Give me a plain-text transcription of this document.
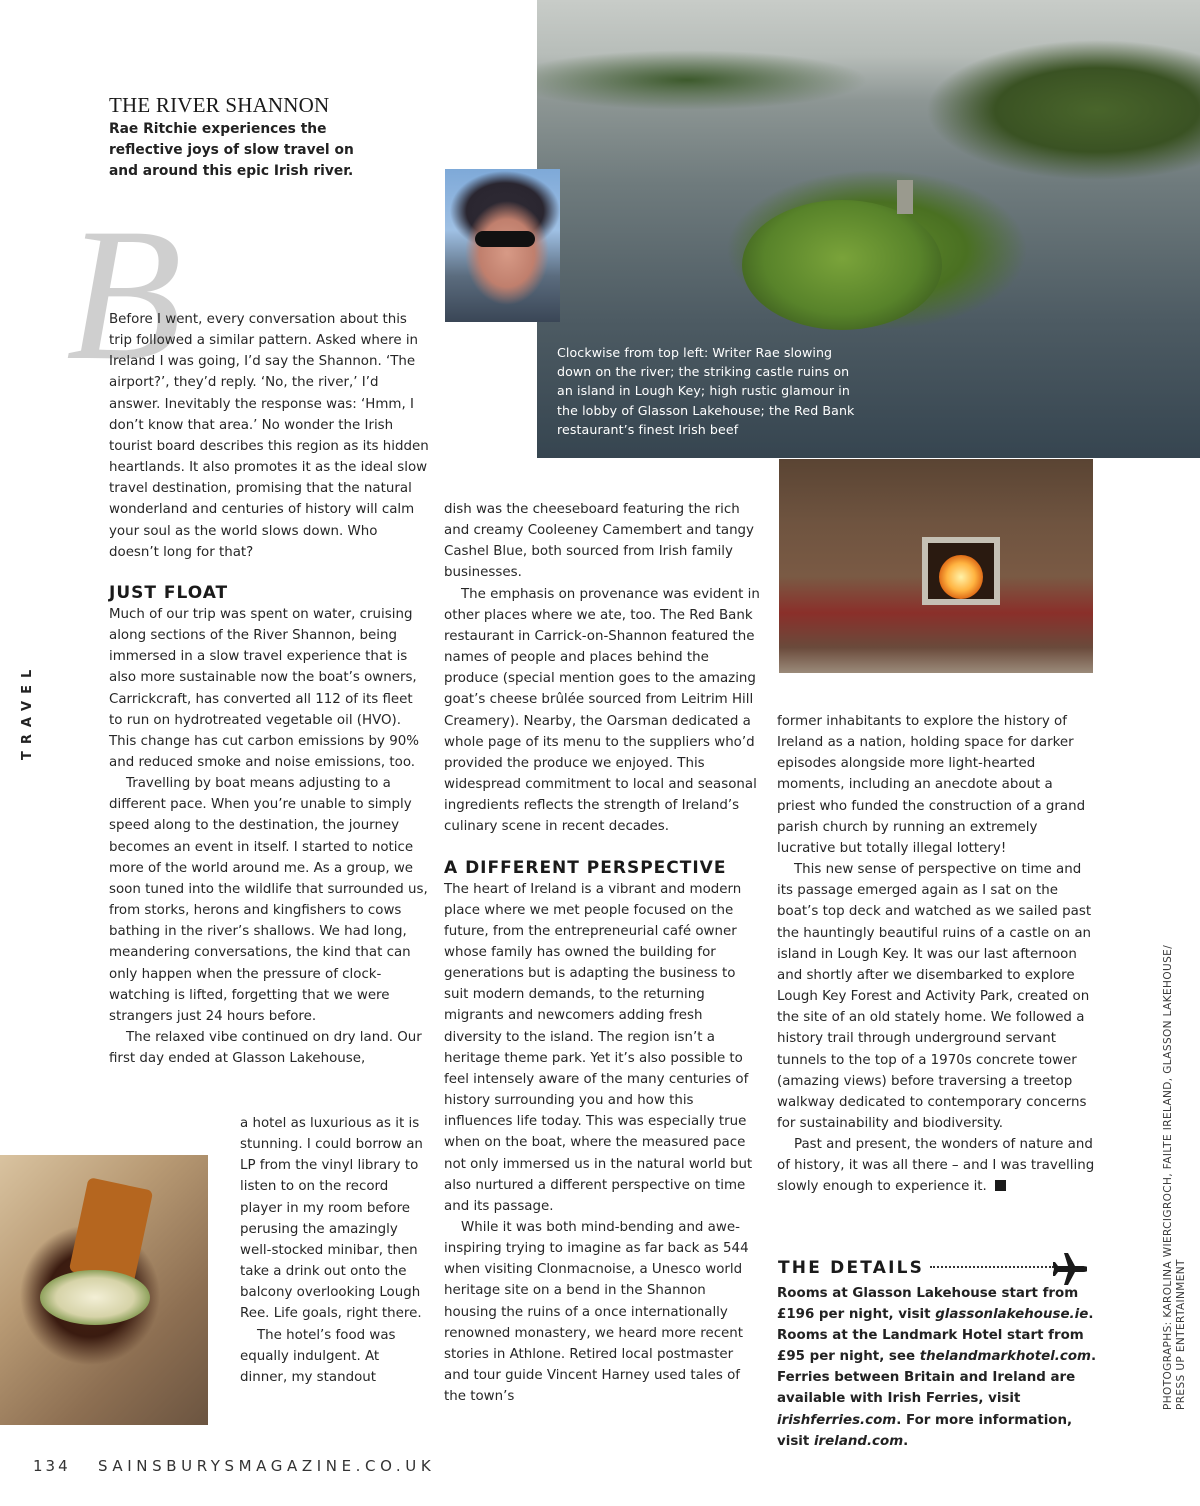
Clockwise from top left: Writer Rae slowing down on the river; the striking castle ruins on an island in Lough Key; high rustic glamour in the lobby of Glasson Lakehouse; the Red Bank restaurant’s finest Irish beef
THE RIVER SHANNON
Rae Ritchie experiences the reflective joys of slow travel on and around this epic Irish river.
B

Before I went, every conversation about this trip followed a similar pattern. Asked where in Ireland I was going, I’d say the Shannon. ‘The airport?’, they’d reply. ‘No, the river,’ I’d answer. Inevitably the response was: ‘Hmm, I don’t know that area.’ No wonder the Irish tourist board describes this region as its hidden heartlands. It also promotes it as the ideal slow travel destination, promising that the natural wonderland and centuries of history will calm your soul as the world slows down. Who doesn’t long for that?

JUST FLOAT

Much of our trip was spent on water, cruising along sections of the River Shannon, being immersed in a slow travel experience that is also more sustainable now the boat’s owners, Carrickcraft, has converted all 112 of its fleet to run on hydrotreated vegetable oil (HVO). This change has cut carbon emissions by 90% and reduced smoke and noise emissions, too.

Travelling by boat means adjusting to a different pace. When you’re unable to simply speed along to the destination, the journey becomes an event in itself. I started to notice more of the world around me. As a group, we soon tuned into the wildlife that surrounded us, from storks, herons and kingfishers to cows bathing in the river’s shallows. We had long, meandering conversations, the kind that can only happen when the pressure of clock-watching is lifted, forgetting that we were strangers just 24 hours before.

The relaxed vibe continued on dry land. Our first day ended at Glasson Lakehouse,

a hotel as luxurious as it is stunning. I could borrow an LP from the vinyl library to listen to on the record player in my room before perusing the amazingly well-stocked minibar, then take a drink out onto the balcony overlooking Lough Ree. Life goals, right there.

The hotel’s food was equally indulgent. At dinner, my standout

dish was the cheeseboard featuring the rich and creamy Cooleeney Camembert and tangy Cashel Blue, both sourced from Irish family businesses.

The emphasis on provenance was evident in other places where we ate, too. The Red Bank restaurant in Carrick-on-Shannon featured the names of people and places behind the produce (special mention goes to the amazing goat’s cheese brûlée sourced from Leitrim Hill Creamery). Nearby, the Oarsman dedicated a whole page of its menu to the suppliers who’d provided the produce we enjoyed. This widespread commitment to local and seasonal ingredients reflects the strength of Ireland’s culinary scene in recent decades.

A DIFFERENT PERSPECTIVE

The heart of Ireland is a vibrant and modern place where we met people focused on the future, from the entrepreneurial café owner whose family has owned the building for generations but is adapting the business to suit modern demands, to the returning migrants and newcomers adding fresh diversity to the island. The region isn’t a heritage theme park. Yet it’s also possible to feel intensely aware of the many centuries of history surrounding you and how this influences life today. This was especially true when on the boat, where the measured pace not only immersed us in the natural world but also nurtured a different perspective on time and its passage.

While it was both mind-bending and awe-inspiring trying to imagine as far back as 544 when visiting Clonmacnoise, a Unesco world heritage site on a bend in the Shannon housing the ruins of a once internationally renowned monastery, we heard more recent stories in Athlone. Retired local postmaster and tour guide Vincent Harney used tales of the town’s

former inhabitants to explore the history of Ireland as a nation, holding space for darker episodes alongside more light-hearted moments, including an anecdote about a priest who funded the construction of a grand parish church by running an extremely lucrative but totally illegal lottery!

This new sense of perspective on time and its passage emerged again as I sat on the boat’s top deck and watched as we sailed past the hauntingly beautiful ruins of a castle on an island in Lough Key. It was our last afternoon and shortly after we disembarked to explore Lough Key Forest and Activity Park, created on the site of an old stately home. We followed a history trail through underground servant tunnels to the top of a 1970s concrete tower (amazing views) before traversing a treetop walkway dedicated to contemporary concerns for sustainability and biodiversity.

Past and present, the wonders of nature and of history, it was all there – and I was travelling slowly enough to experience it.

THE DETAILS
Rooms at Glasson Lakehouse start from £196 per night, visit glassonlakehouse.ie. Rooms at the Landmark Hotel start from £95 per night, see thelandmarkhotel.com. Ferries between Britain and Ireland are available with Irish Ferries, visit irishferries.com. For more information, visit ireland.com.
TRAVEL
PHOTOGRAPHS: KAROLINA WIERCIGROCH, FAILTE IRELAND, GLASSON LAKEHOUSE/ PRESS UP ENTERTAINMENT
134 SAINSBURYSMAGAZINE.CO.UK
